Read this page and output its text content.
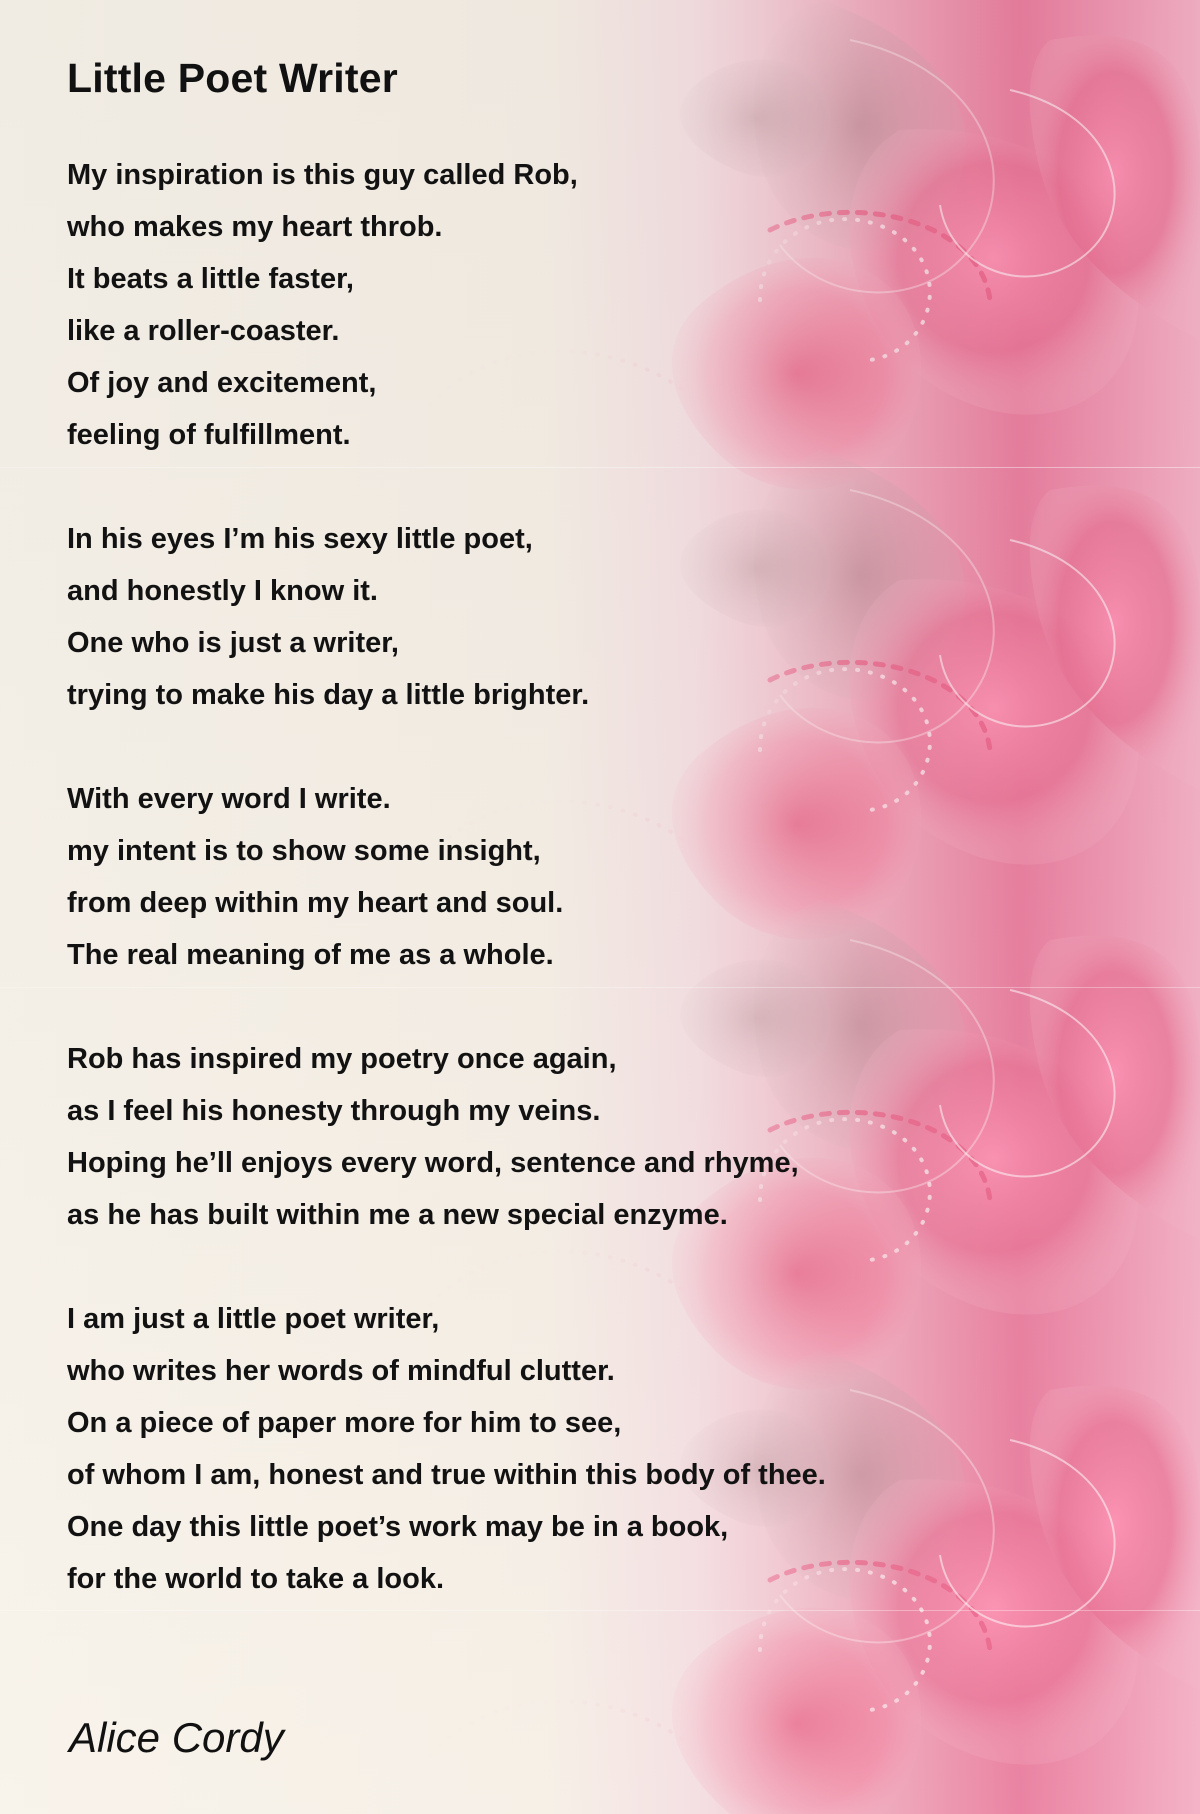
Little Poet Writer
My inspiration is this guy called Rob,
who makes my heart throb.
It beats a little faster,
like a roller-coaster.
Of joy and excitement,
feeling of fulfillment.
In his eyes I’m his sexy little poet,
and honestly I know it.
One who is just a writer,
trying to make his day a little brighter.
With every word I write.
my intent is to show some insight,
from deep within my heart and soul.
The real meaning of me as a whole.
Rob has inspired my poetry once again,
as I feel his honesty through my veins.
Hoping he’ll enjoys every word, sentence and rhyme,
as he has built within me a new special enzyme.
I am just a little poet writer,
who writes her words of mindful clutter.
On a piece of paper more for him to see,
of whom I am, honest and true within this body of thee.
One day this little poet’s work may be in a book,
for the world to take a look.
Alice Cordy
